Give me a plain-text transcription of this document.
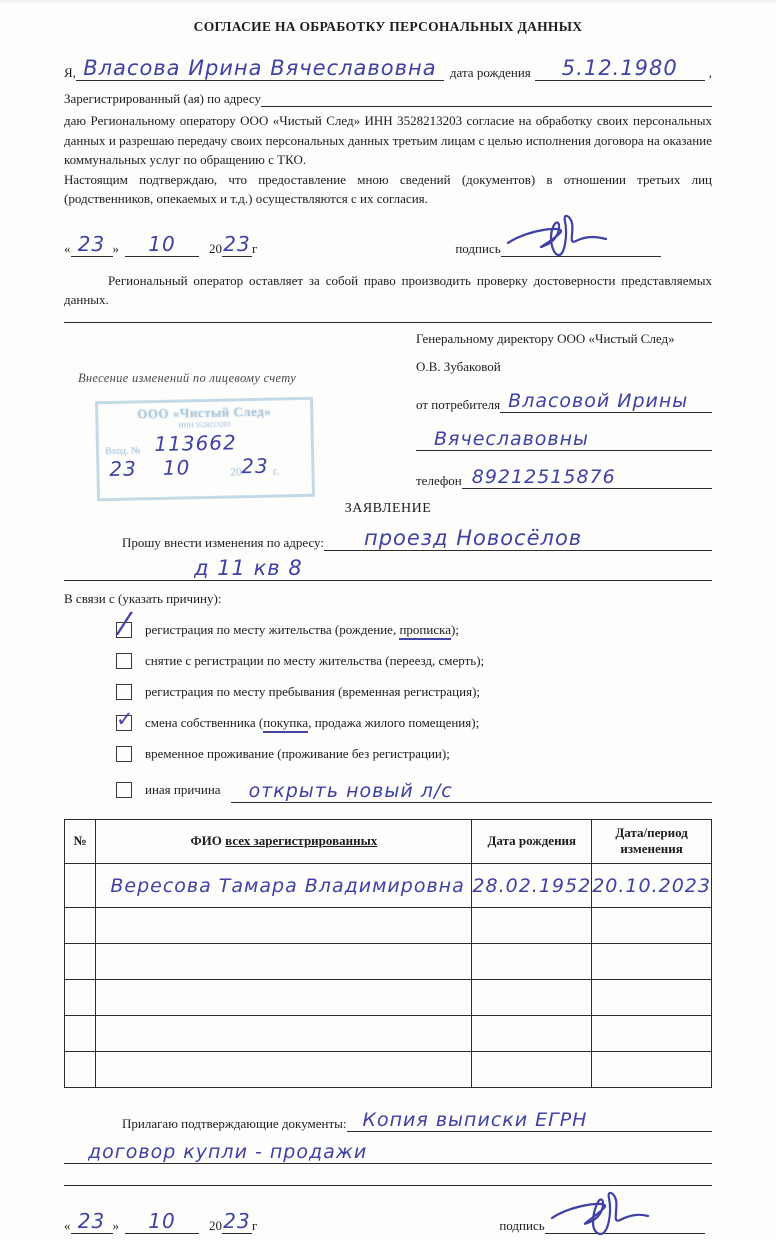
СОГЛАСИЕ НА ОБРАБОТКУ ПЕРСОНАЛЬНЫХ ДАННЫХ
Я, Власова Ирина Вячеславовна дата рождения 5.12.1980 ,
Зарегистрированный (ая) по адресу
даю Региональному оператору ООО «Чистый След» ИНН 3528213203 согласие на обработку своих персональных данных и разрешаю передачу своих персональных данных третьим лицам с целью исполнения договора на оказание коммунальных услуг по обращению с ТКО.
Настоящим подтверждаю, что предоставление мною сведений (документов) в отношении третьих лиц (родственников, опекаемых и т.д.) осуществляются с их согласия.
« 23 »	10	20 23 г	подпись
Региональный оператор оставляет за собой право производить проверку достоверности представляемых данных.
Внесение изменений по лицевому счету
ООО «Чистый След»
ИНН 3528213203
Вход. № 113662
23 10	20 23 г.
Генеральному директору ООО «Чистый След»
О.В. Зубаковой
от потребителя Власовой Ирины
Вячеславовны
телефон 89212515876
ЗАЯВЛЕНИЕ
Прошу внести изменения по адресу: проезд Новосёлов
д 11 кв 8
В связи с (указать причину):
∕ регистрация по месту жительства (рождение, прописка);
снятие с регистрации по месту жительства (переезд, смерть);
регистрация по месту пребывания (временная регистрация);
✓ смена собственника (покупка, продажа жилого помещения);
временное проживание (проживание без регистрации);
иная причина открыть новый л/с
№	ФИО всех зарегистрированных	Дата рождения	Дата/период изменения
	Вересова Тамара Владимировна	28.02.1952	20.10.2023

Прилагаю подтверждающие документы: Копия выписки ЕГРН
договор купли - продажи
« 23 »	10	20 23 г	подпись
